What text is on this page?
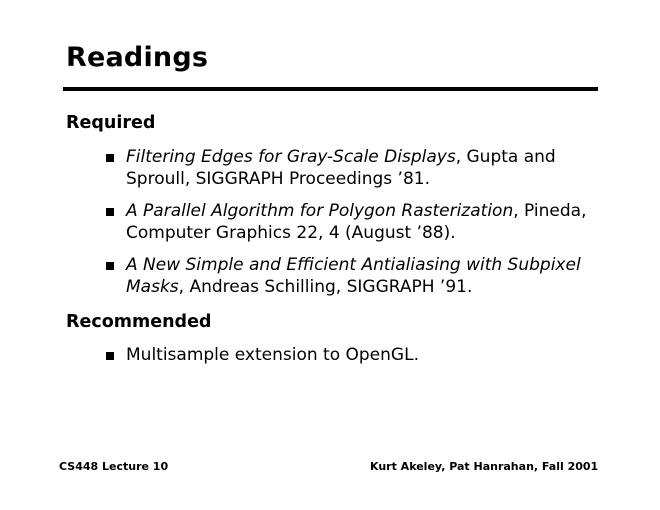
Readings
Required
Filtering Edges for Gray-Scale Displays, Gupta and Sproull, SIGGRAPH Proceedings ’81.
A Parallel Algorithm for Polygon Rasterization, Pineda, Computer Graphics 22, 4 (August ’88).
A New Simple and Efficient Antialiasing with Subpixel Masks, Andreas Schilling, SIGGRAPH ’91.
Recommended
Multisample extension to OpenGL.
CS448 Lecture 10	Kurt Akeley, Pat Hanrahan, Fall 2001
